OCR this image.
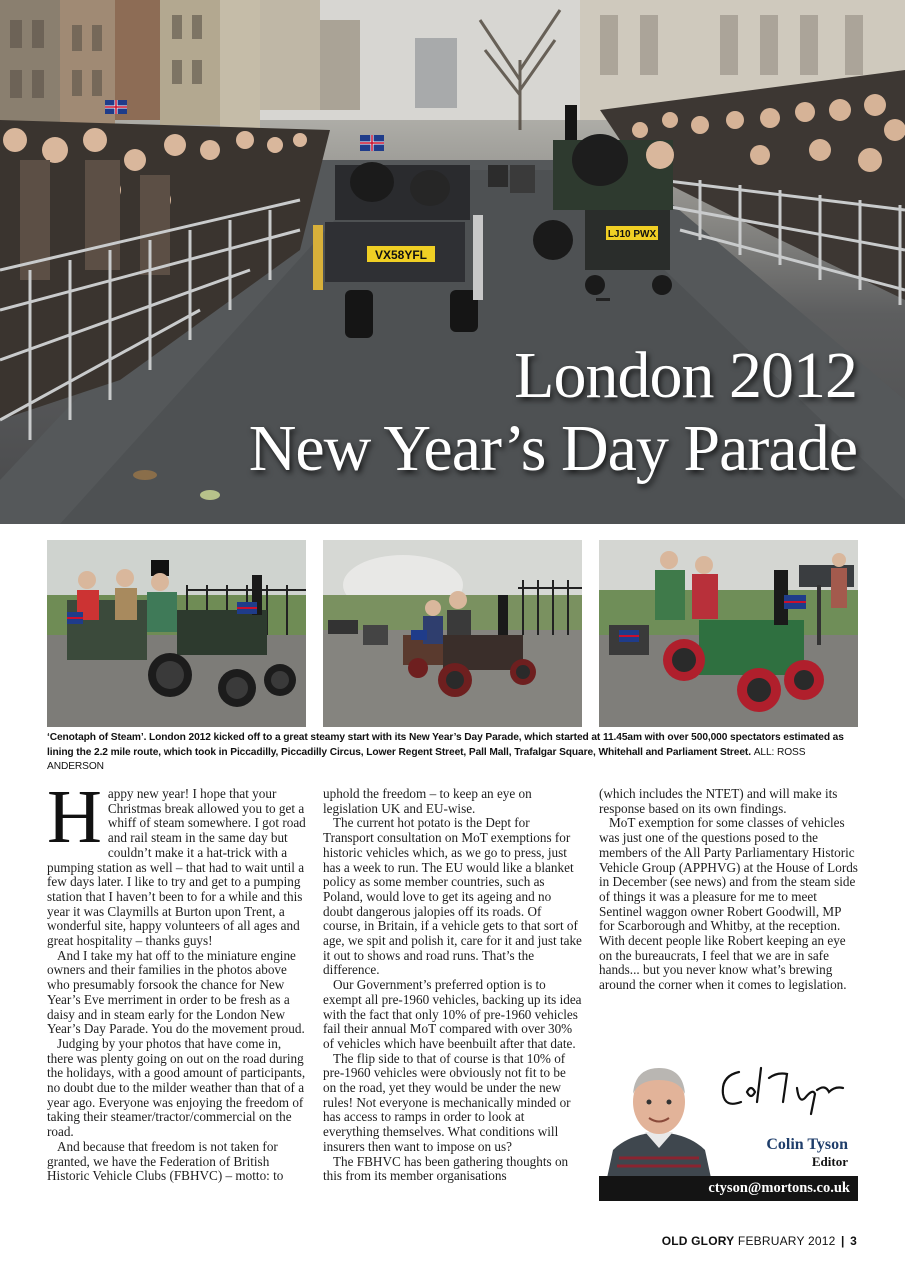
VX58YFL
LJ10 PWX
London 2012
New Year’s Day Parade
‘Cenotaph of Steam’. London 2012 kicked off to a great steamy start with its New Year’s Day Parade, which started at 11.45am with over 500,000 spectators estimated as lining the 2.2 mile route, which took in Piccadilly, Piccadilly Circus, Lower Regent Street, Pall Mall, Trafalgar Square, Whitehall and Parliament Street. ALL: ROSS ANDERSON

Happy new year! I hope that your Christmas break allowed you to get a whiff of steam somewhere. I got road and rail steam in the same day but couldn’t make it a hat-trick with a pumping station as well – that had to wait until a few days later. I like to try and get to a pumping station that I haven’t been to for a while and this year it was Claymills at Burton upon Trent, a wonderful site, happy volunteers of all ages and great hospitality – thanks guys!

And I take my hat off to the miniature engine owners and their families in the photos above who presumably forsook the chance for New Year’s Eve merriment in order to be fresh as a daisy and in steam early for the London New Year’s Day Parade. You do the movement proud.

Judging by your photos that have come in, there was plenty going on out on the road during the holidays, with a good amount of participants, no doubt due to the milder weather than that of a year ago. Everyone was enjoying the freedom of taking their steamer/tractor/commercial on the road.

And because that freedom is not taken for granted, we have the Federation of British Historic Vehicle Clubs (FBHVC) – motto: to

uphold the freedom – to keep an eye on legislation UK and EU-wise.

The current hot potato is the Dept for Transport consultation on MoT exemptions for historic vehicles which, as we go to press, just has a week to run. The EU would like a blanket policy as some member countries, such as Poland, would love to get its ageing and no doubt dangerous jalopies off its roads. Of course, in Britain, if a vehicle gets to that sort of age, we spit and polish it, care for it and just take it out to shows and road runs. That’s the difference.

Our Government’s preferred option is to exempt all pre-1960 vehicles, backing up its idea with the fact that only 10% of pre-1960 vehicles fail their annual MoT compared with over 30% of vehicles which have beenbuilt after that date.

The flip side to that of course is that 10% of pre-1960 vehicles were obviously not fit to be on the road, yet they would be under the new rules! Not everyone is mechanically minded or has access to ramps in order to look at everything themselves. What conditions will insurers then want to impose on us?

The FBHVC has been gathering thoughts on this from its member organisations

(which includes the NTET) and will make its response based on its own findings.

MoT exemption for some classes of vehicles was just one of the questions posed to the members of the All Party Parliamentary Historic Vehicle Group (APPHVG) at the House of Lords in December (see news) and from the steam side of things it was a pleasure for me to meet Sentinel waggon owner Robert Goodwill, MP for Scarborough and Whitby, at the reception. With decent people like Robert keeping an eye on the bureaucrats, I feel that we are in safe hands... but you never know what’s brewing around the corner when it comes to legislation.

Colin Tyson
Editor
ctyson@mortons.co.uk
OLD GLORY FEBRUARY 2012 | 3
